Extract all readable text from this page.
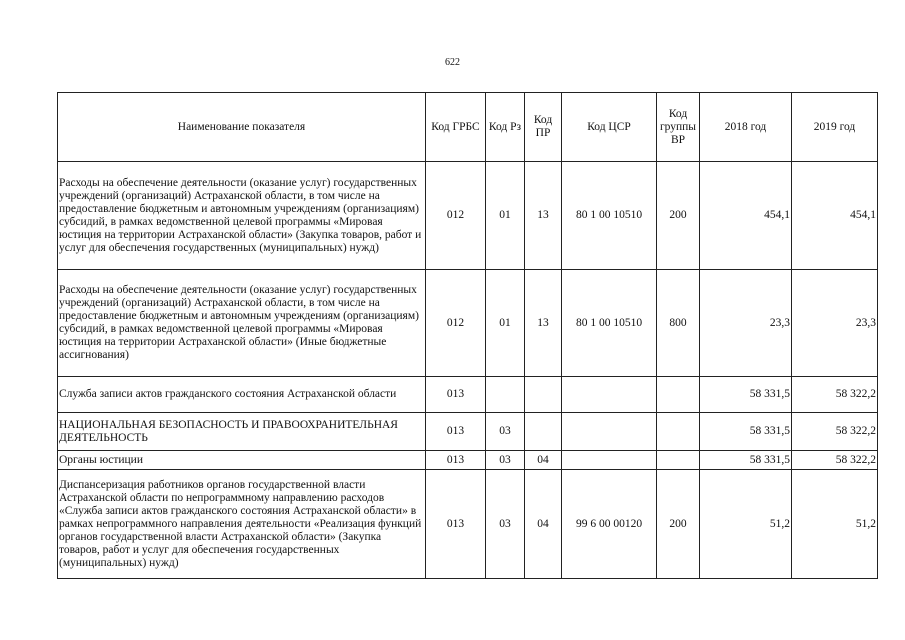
622
Наименование показателя	Код ГРБС	Код Рз	Код ПР	Код ЦСР	Код группы ВР	2018 год	2019 год
Расходы на обеспечение деятельности (оказание услуг) государственных учреждений (организаций) Астраханской области, в том числе на предоставление бюджетным и автономным учреждениям (организациям) субсидий, в рамках ведомственной целевой программы «Мировая юстиция на территории Астраханской области» (Закупка товаров, работ и услуг для обеспечения государственных (муниципальных) нужд)	012	01	13	80 1 00 10510	200	454,1	454,1
Расходы на обеспечение деятельности (оказание услуг) государственных учреждений (организаций) Астраханской области, в том числе на предоставление бюджетным и автономным учреждениям (организациям) субсидий, в рамках ведомственной целевой программы «Мировая юстиция на территории Астраханской области» (Иные бюджетные ассигнования)	012	01	13	80 1 00 10510	800	23,3	23,3
Служба записи актов гражданского состояния Астраханской области	013					58 331,5	58 322,2
НАЦИОНАЛЬНАЯ БЕЗОПАСНОСТЬ И ПРАВООХРАНИТЕЛЬНАЯ ДЕЯТЕЛЬНОСТЬ	013	03				58 331,5	58 322,2
Органы юстиции	013	03	04			58 331,5	58 322,2
Диспансеризация работников органов государственной власти Астраханской области по непрограммному направлению расходов «Служба записи актов гражданского состояния Астраханской области» в рамках непрограммного направления деятельности «Реализация функций органов государственной власти Астраханской области» (Закупка товаров, работ и услуг для обеспечения государственных (муниципальных) нужд)	013	03	04	99 6 00 00120	200	51,2	51,2
